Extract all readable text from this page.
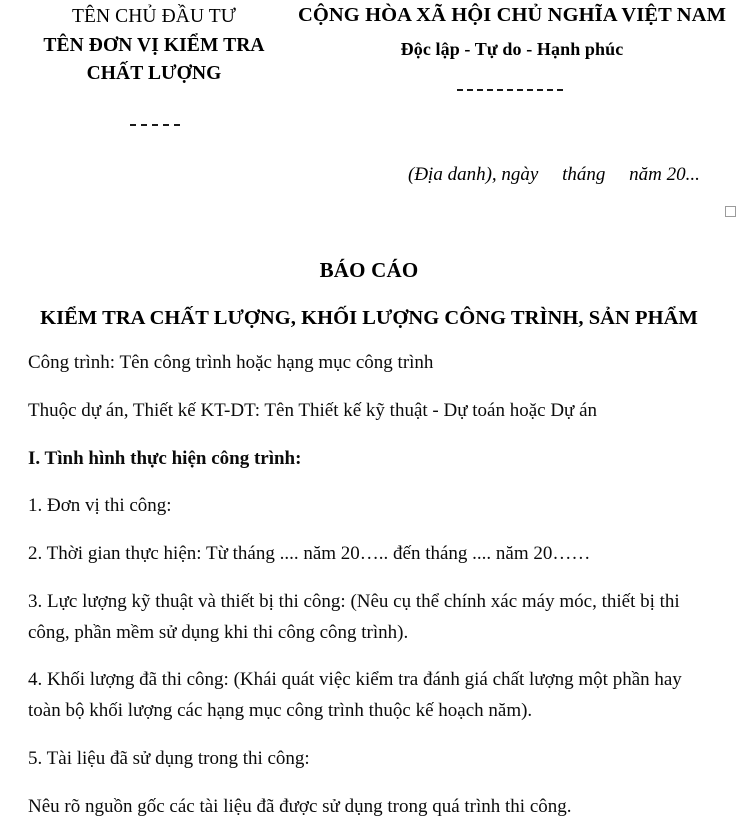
TÊN CHỦ ĐẦU TƯ
TÊN ĐƠN VỊ KIỂM TRA
CHẤT LƯỢNG
CỘNG HÒA XÃ HỘI CHỦ NGHĨA VIỆT NAM
Độc lập - Tự do - Hạnh phúc
(Địa danh), ngày     tháng     năm 20...
BÁO CÁO
KIỂM TRA CHẤT LƯỢNG, KHỐI LƯỢNG CÔNG TRÌNH, SẢN PHẨM

Công trình: Tên công trình hoặc hạng mục công trình

Thuộc dự án, Thiết kế KT-DT: Tên Thiết kế kỹ thuật - Dự toán hoặc Dự án

I. Tình hình thực hiện công trình:

1. Đơn vị thi công:

2. Thời gian thực hiện: Từ tháng .... năm 20….. đến tháng .... năm 20……

3. Lực lượng kỹ thuật và thiết bị thi công: (Nêu cụ thể chính xác máy móc, thiết bị thi công, phần mềm sử dụng khi thi công công trình).

4. Khối lượng đã thi công: (Khái quát việc kiểm tra đánh giá chất lượng một phần hay toàn bộ khối lượng các hạng mục công trình thuộc kế hoạch năm).

5. Tài liệu đã sử dụng trong thi công:

Nêu rõ nguồn gốc các tài liệu đã được sử dụng trong quá trình thi công.
